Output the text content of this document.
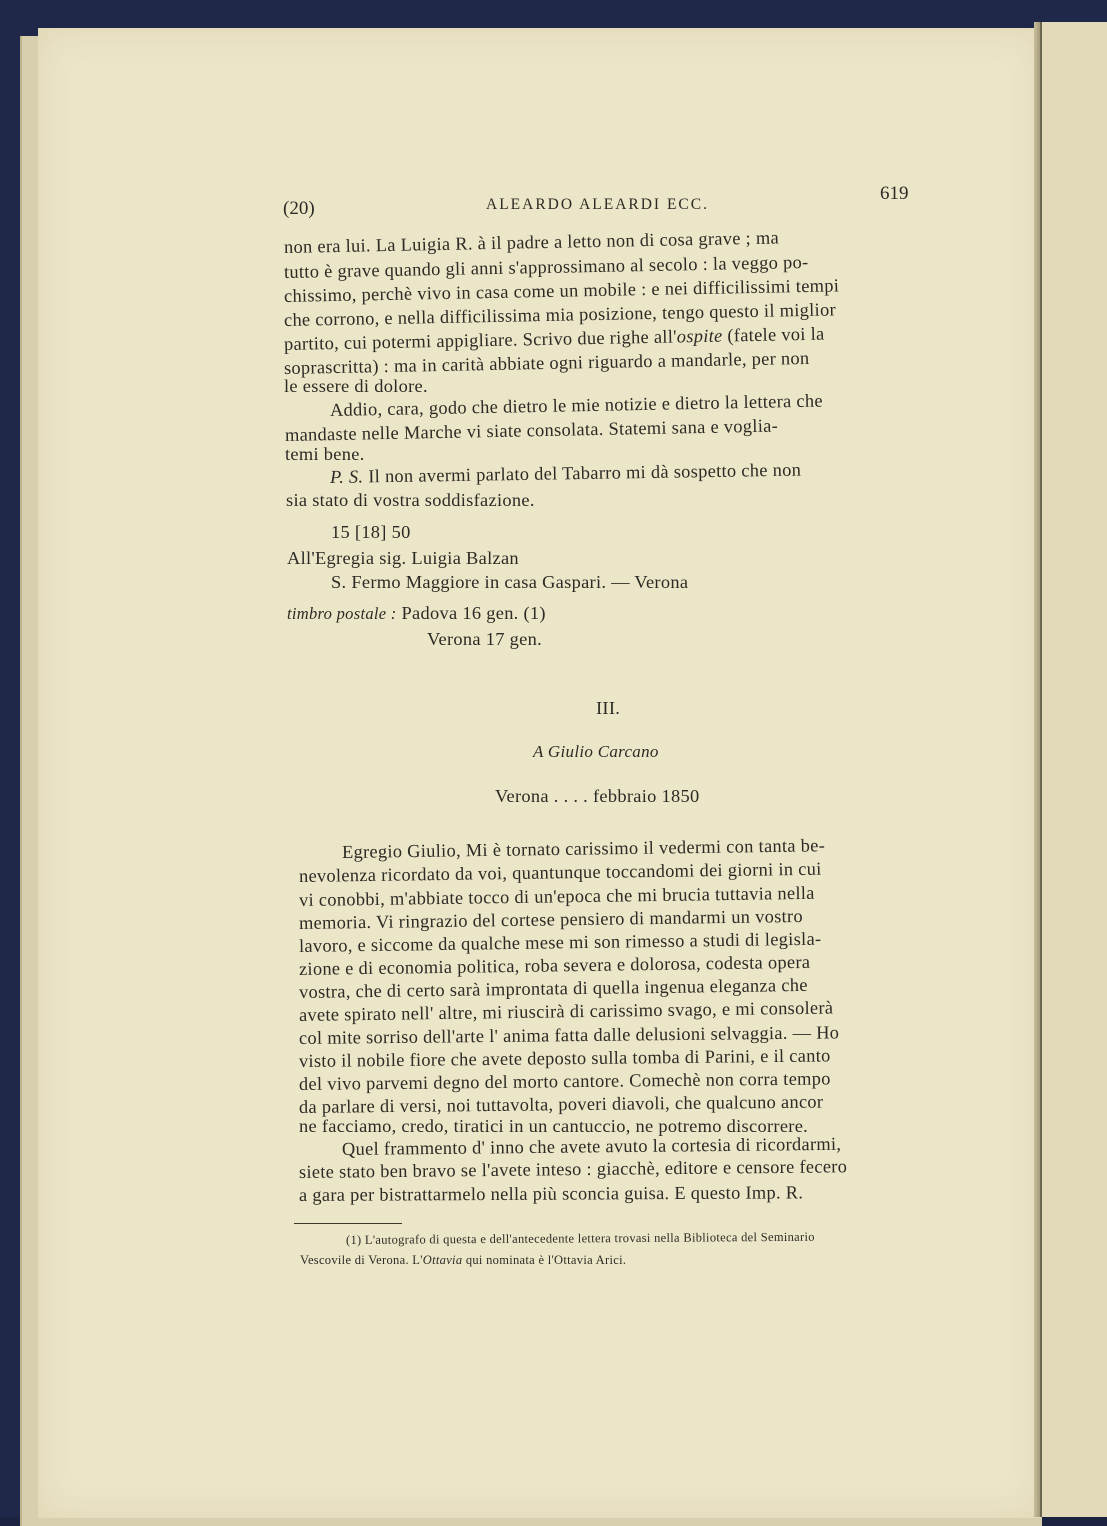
(20)	ALEARDO ALEARDI ECC.
619
non era lui. La Luigia R. à il padre a letto non di cosa grave ; ma
tutto è grave quando gli anni s'approssimano al secolo : la veggo po-
chissimo, perchè vivo in casa come un mobile : e nei difficilissimi tempi
che corrono, e nella difficilissima mia posizione, tengo questo il miglior
partito, cui potermi appigliare. Scrivo due righe all'ospite (fatele voi la
soprascritta) : ma in carità abbiate ogni riguardo a mandarle, per non
le essere di dolore.
Addio, cara, godo che dietro le mie notizie e dietro la lettera che
mandaste nelle Marche vi siate consolata. Statemi sana e voglia-
temi bene.
P. S. Il non avermi parlato del Tabarro mi dà sospetto che non
sia stato di vostra soddisfazione.
15 [18] 50
All'Egregia sig. Luigia Balzan
S. Fermo Maggiore in casa Gaspari. — Verona
timbro postale : Padova 16 gen. (1)
Verona 17 gen.
III.
A Giulio Carcano
Verona . . . . febbraio 1850
Egregio Giulio, Mi è tornato carissimo il vedermi con tanta be-
nevolenza ricordato da voi, quantunque toccandomi dei giorni in cui
vi conobbi, m'abbiate tocco di un'epoca che mi brucia tuttavia nella
memoria. Vi ringrazio del cortese pensiero di mandarmi un vostro
lavoro, e siccome da qualche mese mi son rimesso a studi di legisla-
zione e di economia politica, roba severa e dolorosa, codesta opera
vostra, che di certo sarà improntata di quella ingenua eleganza che
avete spirato nell' altre, mi riuscirà di carissimo svago, e mi consolerà
col mite sorriso dell'arte l' anima fatta dalle delusioni selvaggia. — Ho
visto il nobile fiore che avete deposto sulla tomba di Parini, e il canto
del vivo parvemi degno del morto cantore. Comechè non corra tempo
da parlare di versi, noi tuttavolta, poveri diavoli, che qualcuno ancor
ne facciamo, credo, tiratici in un cantuccio, ne potremo discorrere.
Quel frammento d' inno che avete avuto la cortesia di ricordarmi,
siete stato ben bravo se l'avete inteso : giacchè, editore e censore fecero
a gara per bistrattarmelo nella più sconcia guisa. E questo Imp. R.
(1) L'autografo di questa e dell'antecedente lettera trovasi nella Biblioteca del Seminario
Vescovile di Verona. L'Ottavia qui nominata è l'Ottavia Arici.
